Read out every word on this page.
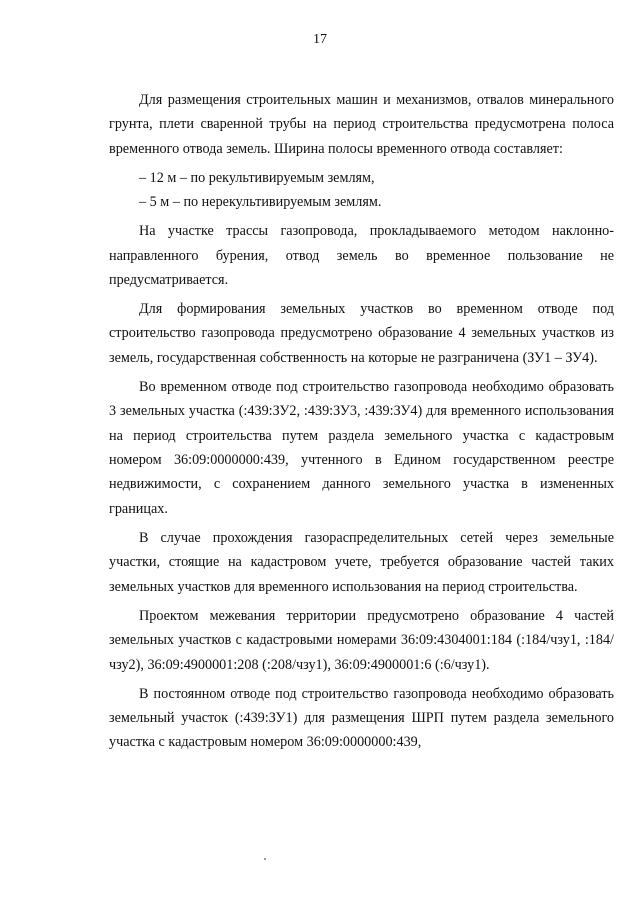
17

Для размещения строительных машин и механизмов, отвалов минерального грунта, плети сваренной трубы на период строительства предусмотрена полоса временного отвода земель. Ширина полосы временного отвода составляет:

– 12 м – по рекультивируемым землям,

– 5 м – по нерекультивируемым землям.

На участке трассы газопровода, прокладываемого методом наклонно-направленного бурения, отвод земель во временное пользование не предусматривается.

Для формирования земельных участков во временном отводе под строительство газопровода предусмотрено образование 4 земельных участков из земель, государственная собственность на которые не разграничена (ЗУ1 – ЗУ4).

Во временном отводе под строительство газопровода необходимо образовать 3 земельных участка (:439:ЗУ2, :439:ЗУ3, :439:ЗУ4) для временного использования на период строительства путем раздела земельного участка с кадастровым номером 36:09:0000000:439, учтенного в Едином государственном реестре недвижимости, с сохранением данного земельного участка в измененных границах.

В случае прохождения газораспределительных сетей через земельные участки, стоящие на кадастровом учете, требуется образование частей таких земельных участков для временного использования на период строительства.

Проектом межевания территории предусмотрено образование 4 частей земельных участков с кадастровыми номерами 36:09:4304001:184 (:184/чзу1, :184/чзу2), 36:09:4900001:208 (:208/чзу1), 36:09:4900001:6 (:6/чзу1).

В постоянном отводе под строительство газопровода необходимо образовать земельный участок (:439:ЗУ1) для размещения ШРП путем раздела земельного участка с кадастровым номером 36:09:0000000:439,
